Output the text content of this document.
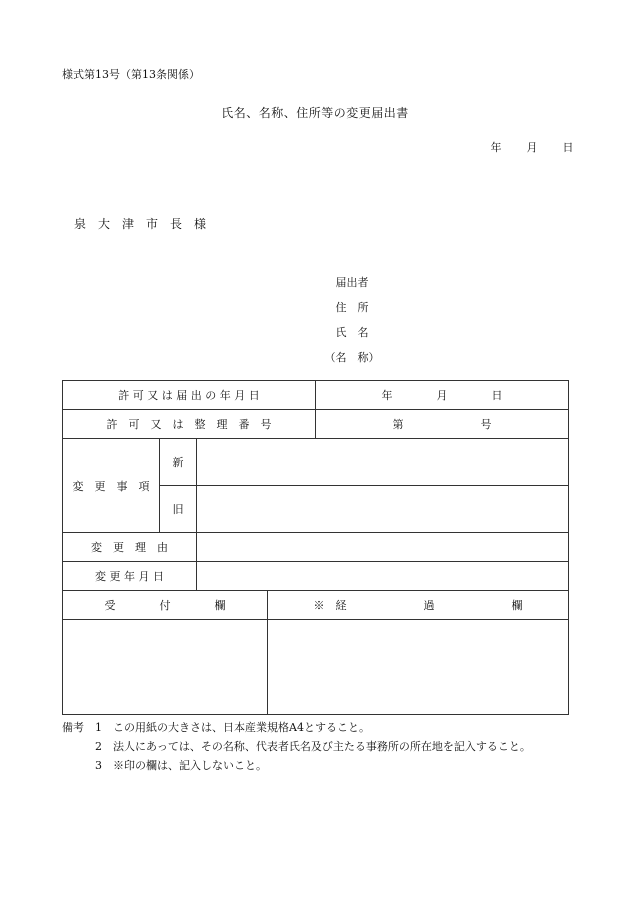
様式第13号（第13条関係）
氏名、名称、住所等の変更届出書
年 月 日
泉　大　津　市　長　様
届出者
住　所
氏　名
（名　称）
許 可 又 は 届 出 の 年 月 日				年　　　　月　　　　日
許　可　又　は　整　理　番　号				第　　　　　　　号
変　更　事　項	新			
	旧			
変　更　理　由				
変 更 年 月 日				
受　　　　付　　　　欄			※　経　　　　　　　過　　　　　　　欄	

備考　 1　この用紙の大きさは、日本産業規格A4とすること。
　　　2　法人にあっては、その名称、代表者氏名及び主たる事務所の所在地を記入すること。
　　　3　※印の欄は、記入しないこと。
